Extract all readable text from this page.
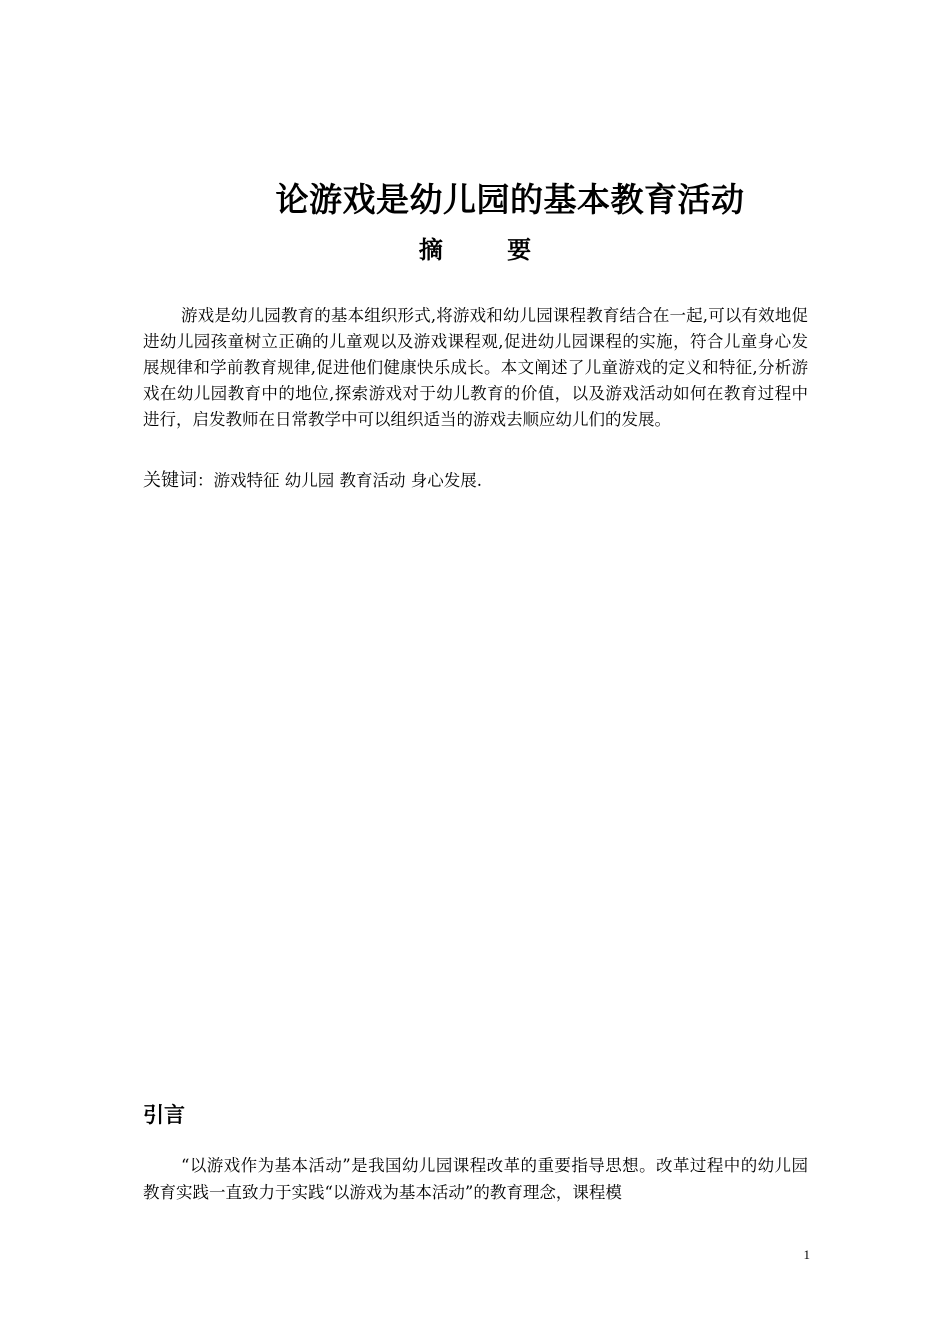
论游戏是幼儿园的基本教育活动
摘 要

游戏是幼儿园教育的基本组织形式,将游戏和幼儿园课程教育结合在一起,可以有效地促进幼儿园孩童树立正确的儿童观以及游戏课程观,促进幼儿园课程的实施，符合儿童身心发展规律和学前教育规律,促进他们健康快乐成长。本文阐述了儿童游戏的定义和特征,分析游戏在幼儿园教育中的地位,探索游戏对于幼儿教育的价值，以及游戏活动如何在教育过程中进行，启发教师在日常教学中可以组织适当的游戏去顺应幼儿们的发展。

关键词：游戏特征 幼儿园 教育活动 身心发展.

引言

“以游戏作为基本活动”是我国幼儿园课程改革的重要指导思想。改革过程中的幼儿园教育实践一直致力于实践“以游戏为基本活动”的教育理念，课程模

1
